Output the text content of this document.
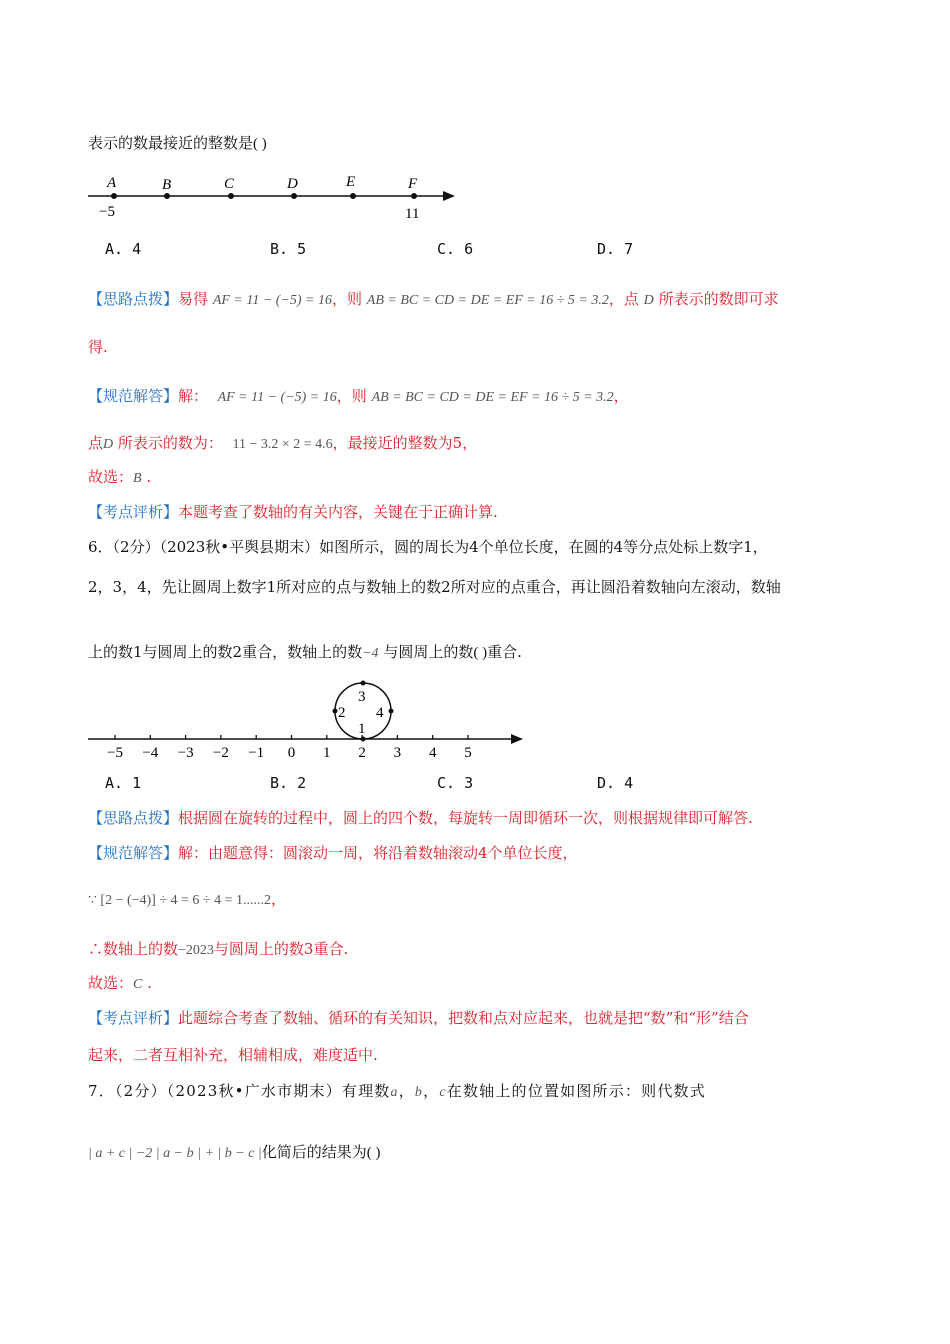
表示的数最接近的整数是( )
A	B	C	D	E	F
−5	11
A. 4	B. 5	C. 6	D. 7
【思路点拨】易得 AF = 11 − (−5) = 16，则 AB = BC = CD = DE = EF = 16 ÷ 5 = 3.2，点 D 所表示的数即可求
得.
【规范解答】解： AF = 11 − (−5) = 16，则 AB = BC = CD = DE = EF = 16 ÷ 5 = 3.2，
点D 所表示的数为： 11 − 3.2 × 2 = 4.6，最接近的整数为5，
故选：B .
【考点评析】本题考查了数轴的有关内容，关键在于正确计算.
6．（2分）（2023秋•平舆县期末）如图所示，圆的周长为4个单位长度，在圆的4等分点处标上数字1，
2，3，4，先让圆周上数字1所对应的点与数轴上的数2所对应的点重合，再让圆沿着数轴向左滚动，数轴
上的数1与圆周上的数2重合，数轴上的数−4 与圆周上的数( )重合.
3
2 4
1
−5 −4 −3 −2 −1 0 1 2 3 4 5
A. 1	B. 2	C. 3	D. 4
【思路点拨】根据圆在旋转的过程中，圆上的四个数，每旋转一周即循环一次，则根据规律即可解答.
【规范解答】解：由题意得：圆滚动一周，将沿着数轴滚动4个单位长度，
∵ [2 − (−4)] ÷ 4 = 6 ÷ 4 = 1......2，
∴数轴上的数−2023与圆周上的数3重合.
故选：C .
【考点评析】此题综合考查了数轴、循环的有关知识，把数和点对应起来，也就是把“数”和“形”结合
起来，二者互相补充，相辅相成，难度适中.
7．（2分）（2023秋•广水市期末）有理数a，b，c在数轴上的位置如图所示：则代数式
| a + c | −2 | a − b | + | b − c |化简后的结果为( )
